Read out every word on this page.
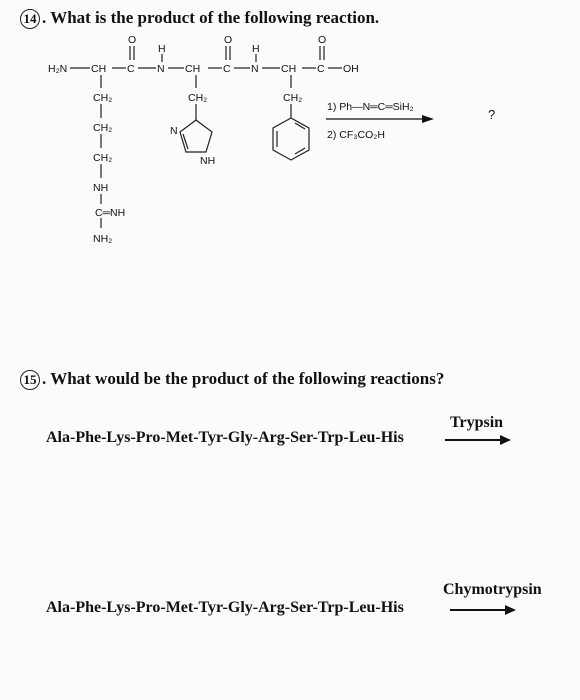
14 . What is the product of the following reaction.
H₂N CH C
O
H
N CH C
O
H
N CH C
O
OH
CH₂
CH₂
CH₂
NH
C═NH
NH₂
CH₂
N
NH
CH₂
1) Ph—N═C═SiH₂
2) CF₃CO₂H
?
15 . What would be the product of the following reactions?
Trypsin
Ala-Phe-Lys-Pro-Met-Tyr-Gly-Arg-Ser-Trp-Leu-His
Chymotrypsin
Ala-Phe-Lys-Pro-Met-Tyr-Gly-Arg-Ser-Trp-Leu-His
